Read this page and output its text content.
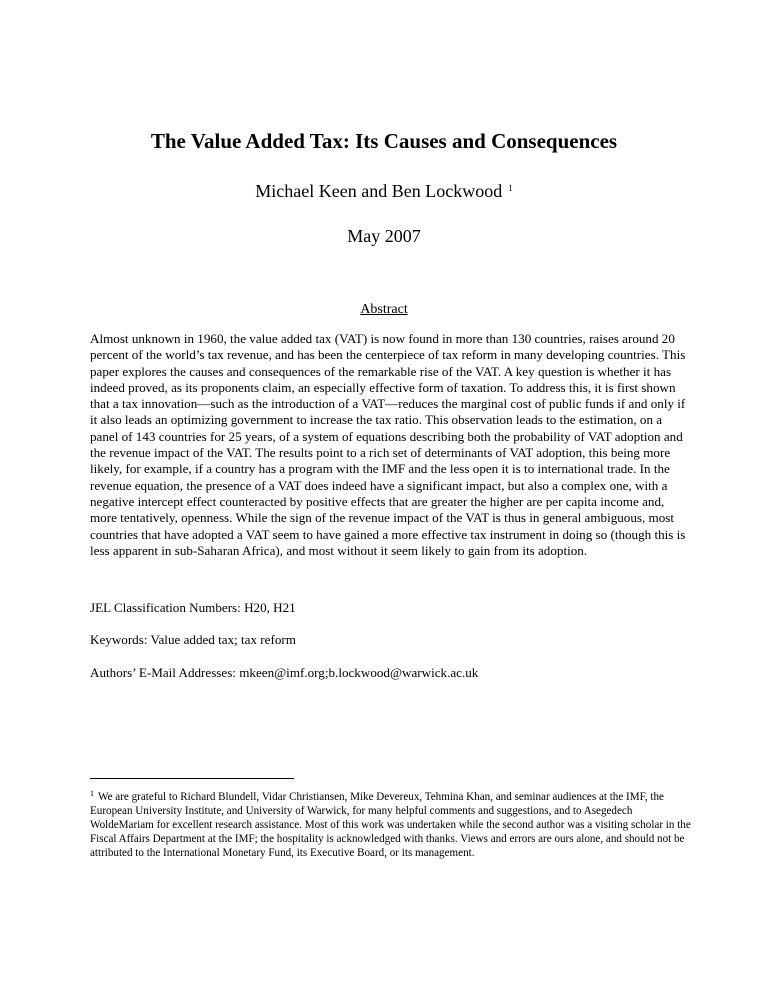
The Value Added Tax: Its Causes and Consequences
Michael Keen and Ben Lockwood $^1$
May 2007
Abstract
Almost unknown in 1960, the value added tax (VAT) is now found in more than 130 countries, raises around 20 percent of the world’s tax revenue, and has been the centerpiece of tax reform in many developing countries. This paper explores the causes and consequences of the remarkable rise of the VAT. A key question is whether it has indeed proved, as its proponents claim, an especially effective form of taxation. To address this, it is first shown that a tax innovation—such as the introduction of a VAT—reduces the marginal cost of public funds if and only if it also leads an optimizing government to increase the tax ratio. This observation leads to the estimation, on a panel of 143 countries for 25 years, of a system of equations describing both the probability of VAT adoption and the revenue impact of the VAT. The results point to a rich set of determinants of VAT adoption, this being more likely, for example, if a country has a program with the IMF and the less open it is to international trade. In the revenue equation, the presence of a VAT does indeed have a significant impact, but also a complex one, with a negative intercept effect counteracted by positive effects that are greater the higher are per capita income and, more tentatively, openness. While the sign of the revenue impact of the VAT is thus in general ambiguous, most countries that have adopted a VAT seem to have gained a more effective tax instrument in doing so (though this is less apparent in sub-Saharan Africa), and most without it seem likely to gain from its adoption.
JEL Classification Numbers: H20, H21
Keywords: Value added tax; tax reform
Authors’ E-Mail Addresses: mkeen@imf.org;b.lockwood@warwick.ac.uk
$^1$ We are grateful to Richard Blundell, Vidar Christiansen, Mike Devereux, Tehmina Khan, and seminar audiences at the IMF, the European University Institute, and University of Warwick, for many helpful comments and suggestions, and to Asegedech WoldeMariam for excellent research assistance. Most of this work was undertaken while the second author was a visiting scholar in the Fiscal Affairs Department at the IMF; the hospitality is acknowledged with thanks. Views and errors are ours alone, and should not be attributed to the International Monetary Fund, its Executive Board, or its management.
